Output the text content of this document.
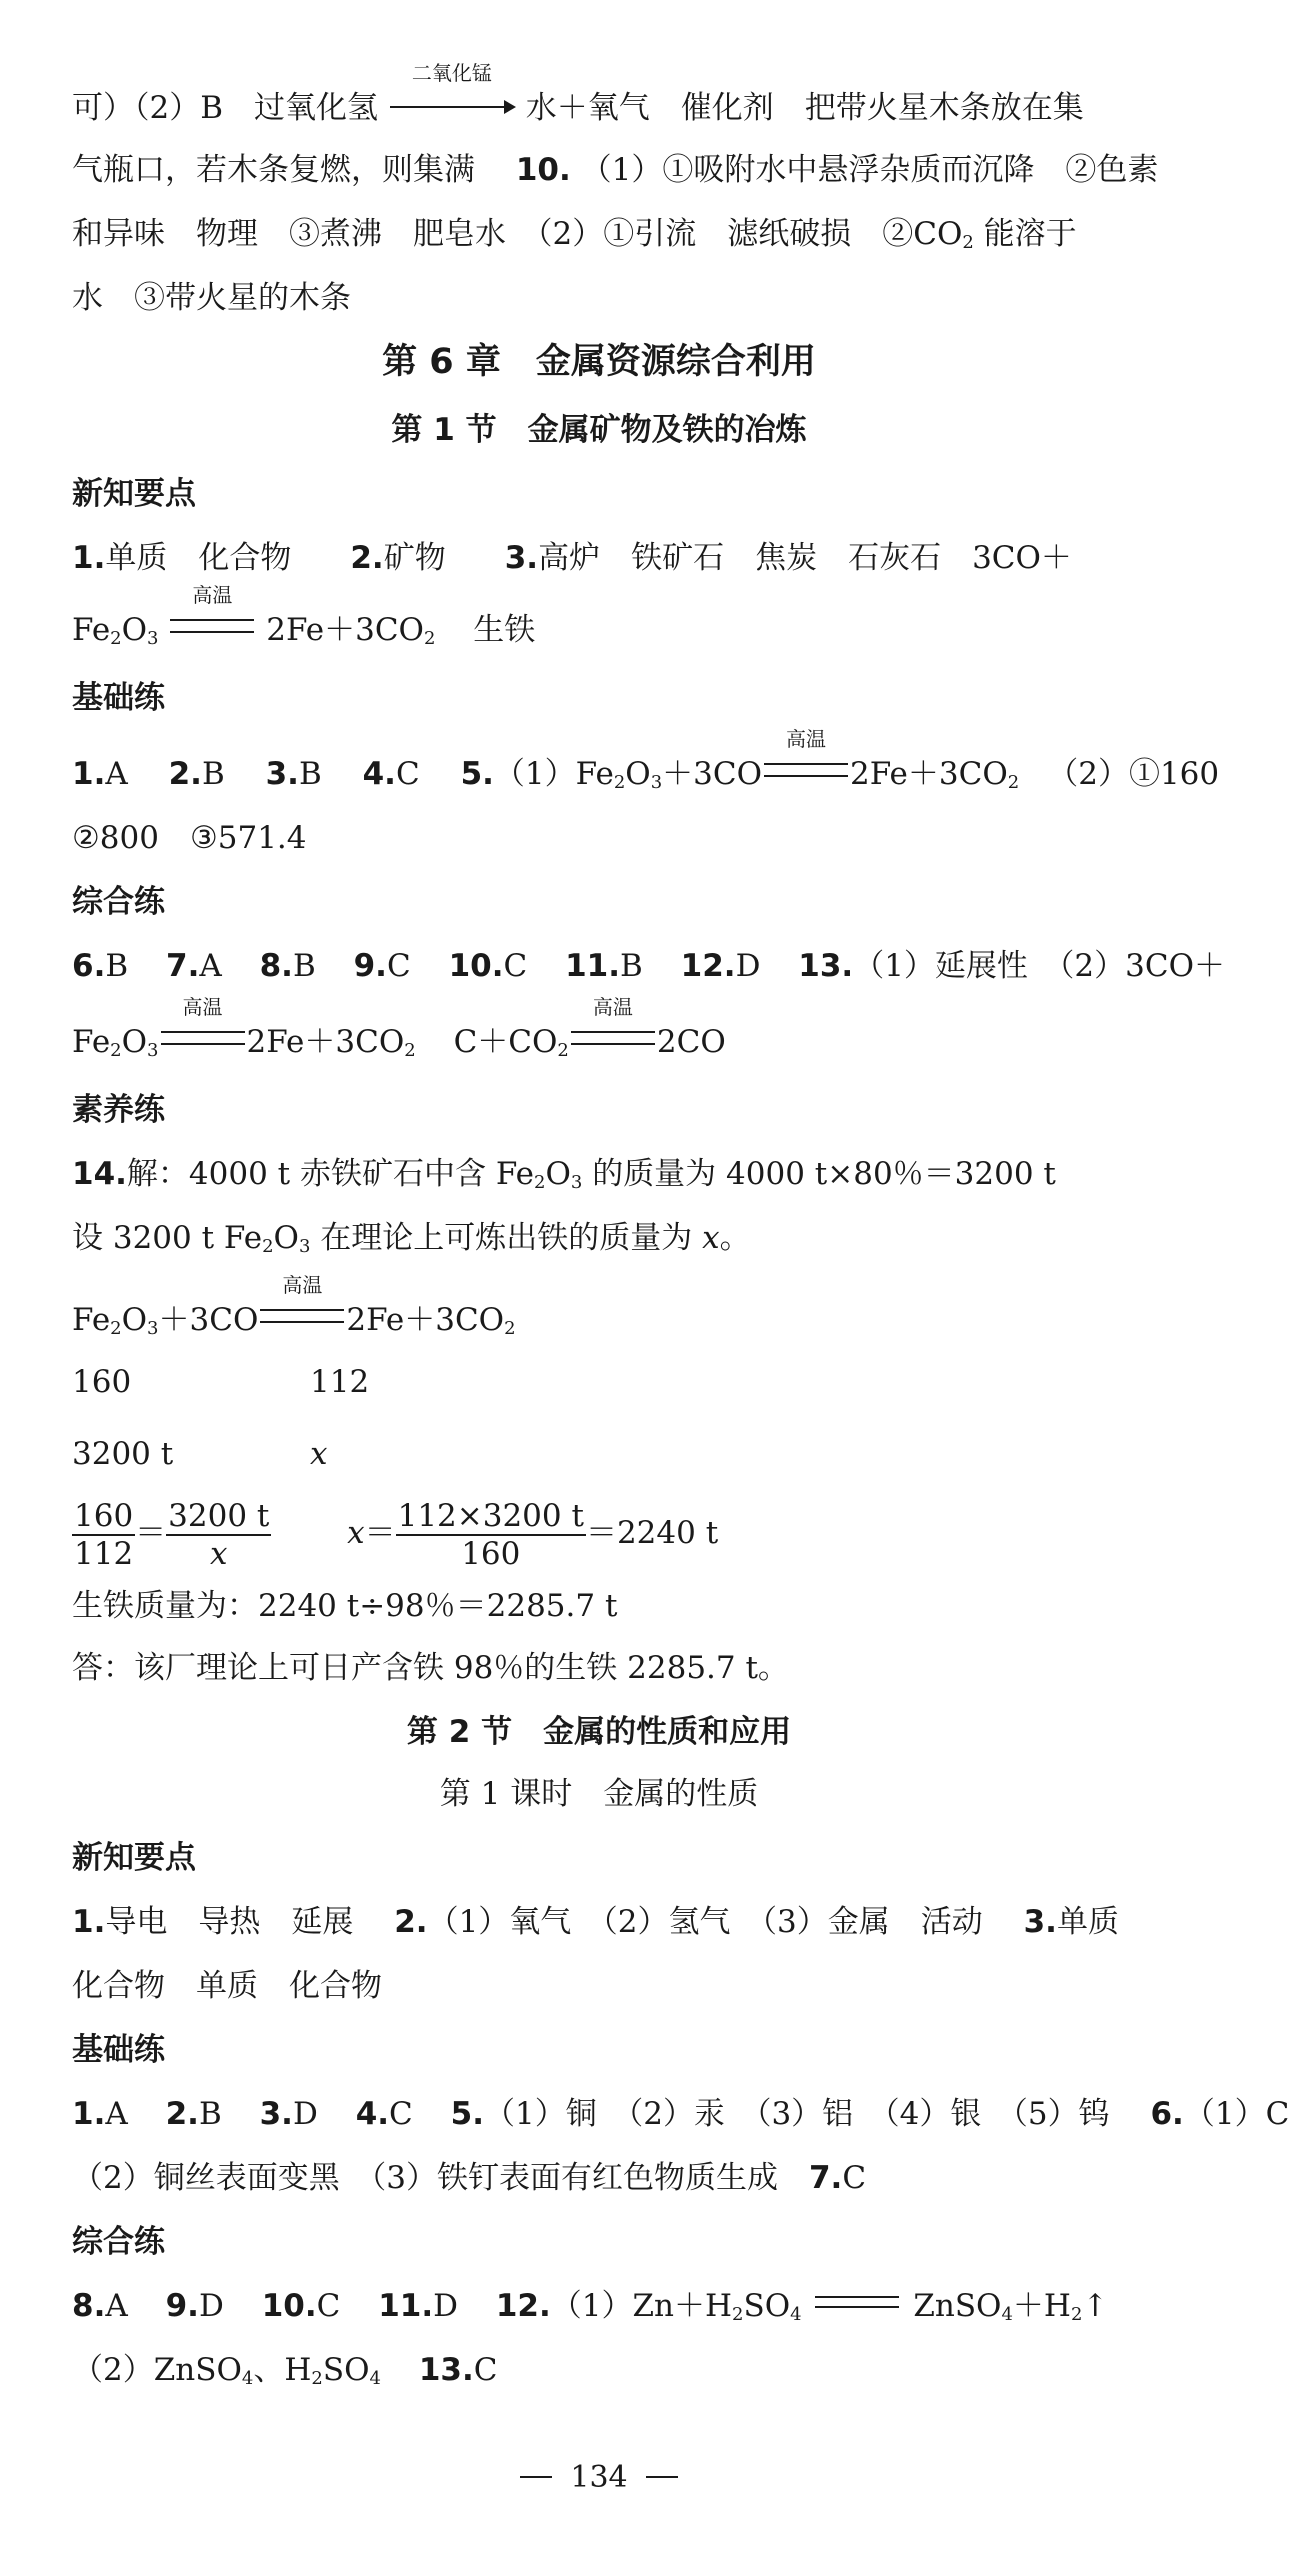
可）（2）B　过氧化氢
二氧化锰
水＋氧气　催化剂　把带火星木条放在集
气瓶口，若木条复燃，则集满　 10. （1）①吸附水中悬浮杂质而沉降　②色素
和异味　物理　③煮沸　肥皂水　（2）①引流　滤纸破损　$②CO_2$ 能溶于
水　③带火星的木条
第 6 章　金属资源综合利用
第 1 节　金属矿物及铁的冶炼
新知要点
1.单质　化合物　2.矿物　3.高炉　铁矿石　焦炭　石灰石　3CO＋
$Fe_2O_3$
高温
$2Fe+3CO_2$ 生铁
基础练
1.A　 2.B　 3.B　 4.C　 $5.(1)Fe_2O_3+3CO$
高温
$2Fe+3CO_2$ （2）①160
②800　③571.4
综合练
6.B 7.A 8.B 9.C 10.C 11.B 12.D 13.（1）延展性　（2）3CO＋
$Fe_2O_3$
高温
$2Fe+3CO_2$ $C+CO_2$
高温
2CO
素养练
14.解：4000 t 赤铁矿石中含 $Fe_2O_3$ 的质量为 4000 t×80％＝3200 t
设 3200 t $Fe_2O_3$ 在理论上可炼出铁的质量为 x。
$Fe_2O_3+3CO$
高温
$2Fe+3CO_2$
160	112
3200 t	x
$\frac{160}{112} = \frac{3200 t}{x} x= \frac{112\times 3200 t}{160} =2240$ t
生铁质量为：2240 t÷98％＝2285.7 t
答：该厂理论上可日产含铁 98％的生铁 2285.7 t。
第 2 节　金属的性质和应用
第 1 课时　金属的性质
新知要点
1.导电　导热　延展　 2.（1）氧气　（2）氢气　（3）金属　活动　 3.单质
化合物　单质　化合物
基础练
1.A 2.B 3.D 4.C 5.（1）铜　（2）汞　（3）铝　（4）银　（5）钨　 6.（1）C
（2）铜丝表面变黑　（3）铁钉表面有红色物质生成　7.C
综合练
8.A 9.D 10.C 11.D $12.(1)Zn+H_2SO_4$	$ZnSO_4+H_2↑$
（2）ZnSO$_4$、$H_2SO_4$ 13.C
134
